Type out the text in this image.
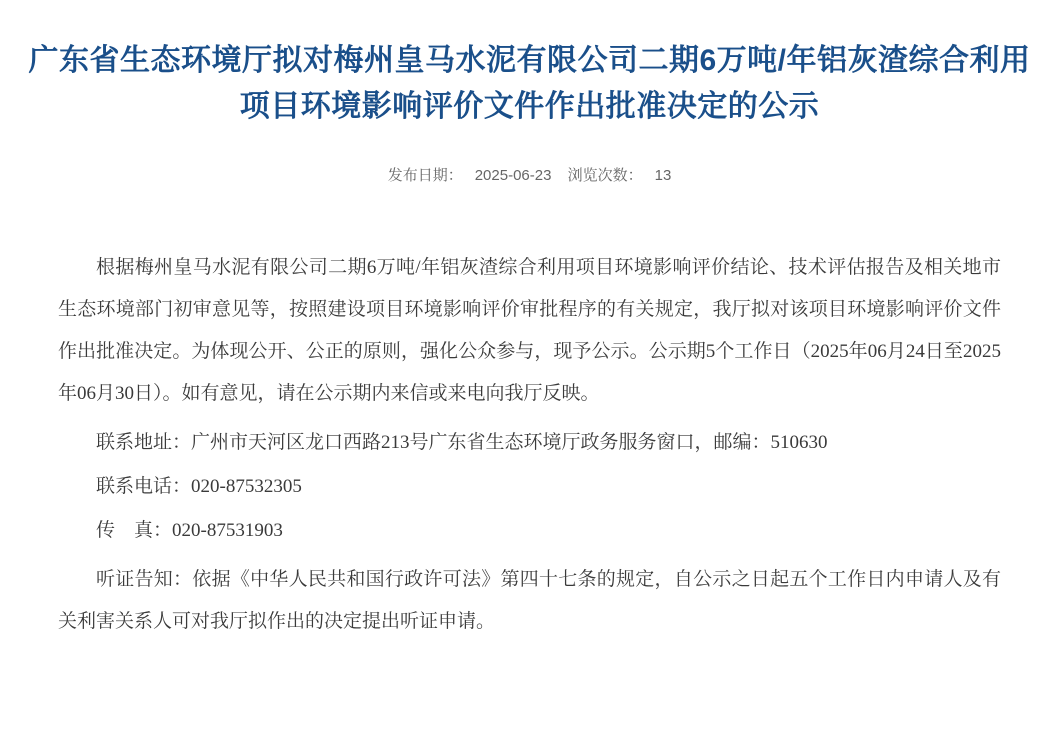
广东省生态环境厅拟对梅州皇马水泥有限公司二期6万吨/年铝灰渣综合利用项目环境影响评价文件作出批准决定的公示
发布日期： 2025-06-23 浏览次数： 13

根据梅州皇马水泥有限公司二期6万吨/年铝灰渣综合利用项目环境影响评价结论、技术评估报告及相关地市生态环境部门初审意见等，按照建设项目环境影响评价审批程序的有关规定，我厅拟对该项目环境影响评价文件作出批准决定。为体现公开、公正的原则，强化公众参与，现予公示。公示期5个工作日（2025年06月24日至2025年06月30日）。如有意见，请在公示期内来信或来电向我厅反映。

联系地址：广州市天河区龙口西路213号广东省生态环境厅政务服务窗口，邮编：510630

联系电话：020-87532305

传　真：020-87531903

听证告知：依据《中华人民共和国行政许可法》第四十七条的规定，自公示之日起五个工作日内申请人及有关利害关系人可对我厅拟作出的决定提出听证申请。
